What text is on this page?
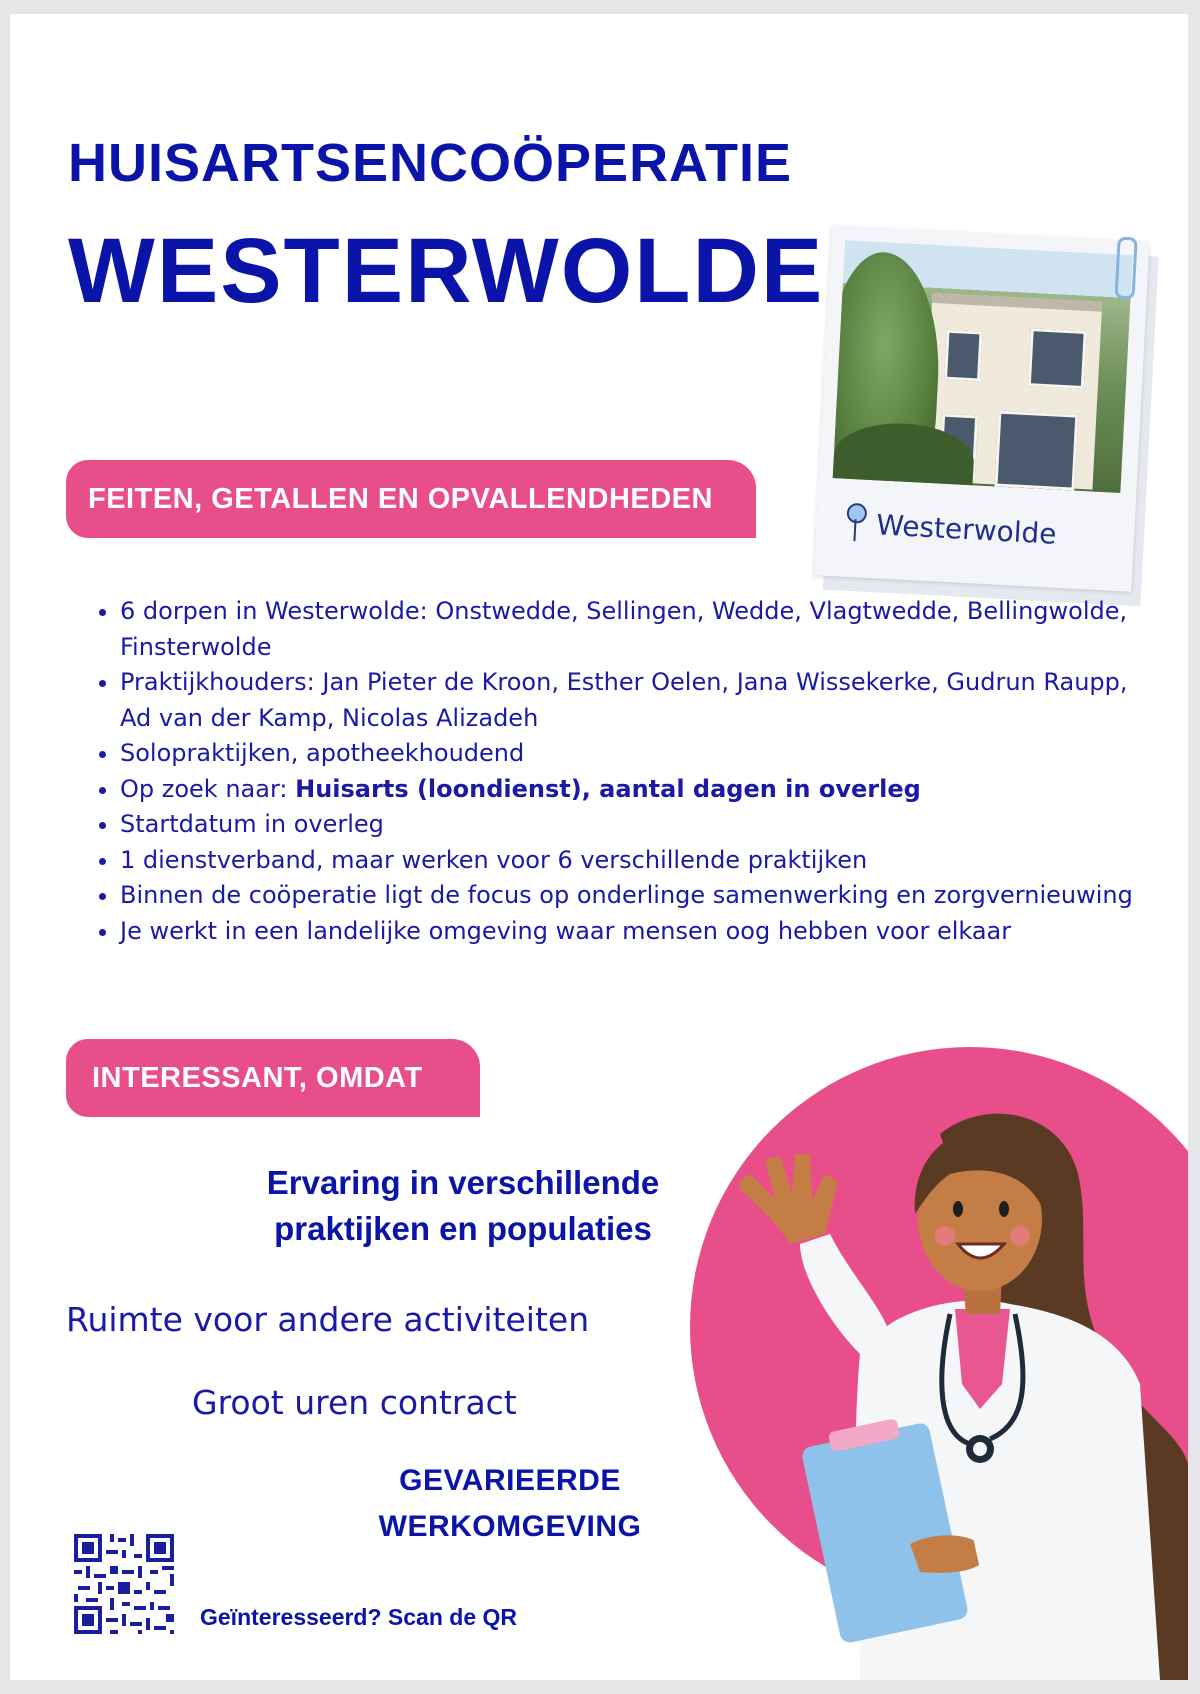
HUISARTSENCOÖPERATIE
WESTERWOLDE
Westerwolde
FEITEN, GETALLEN EN OPVALLENDHEDEN
• 6 dorpen in Westerwolde: Onstwedde, Sellingen, Wedde, Vlagtwedde, Bellingwolde, Finsterwolde
• Praktijkhouders: Jan Pieter de Kroon, Esther Oelen, Jana Wissekerke, Gudrun Raupp, Ad van der Kamp, Nicolas Alizadeh
• Solopraktijken, apotheekhoudend
• Op zoek naar: Huisarts (loondienst), aantal dagen in overleg
• Startdatum in overleg
• 1 dienstverband, maar werken voor 6 verschillende praktijken
• Binnen de coöperatie ligt de focus op onderlinge samenwerking en zorgvernieuwing
• Je werkt in een landelijke omgeving waar mensen oog hebben voor elkaar
INTERESSANT, OMDAT

Ervaring in verschillende
praktijken en populaties

Ruimte voor andere activiteiten

Groot uren contract

GEVARIEERDE
WERKOMGEVING

Geïnteresseerd? Scan de QR
